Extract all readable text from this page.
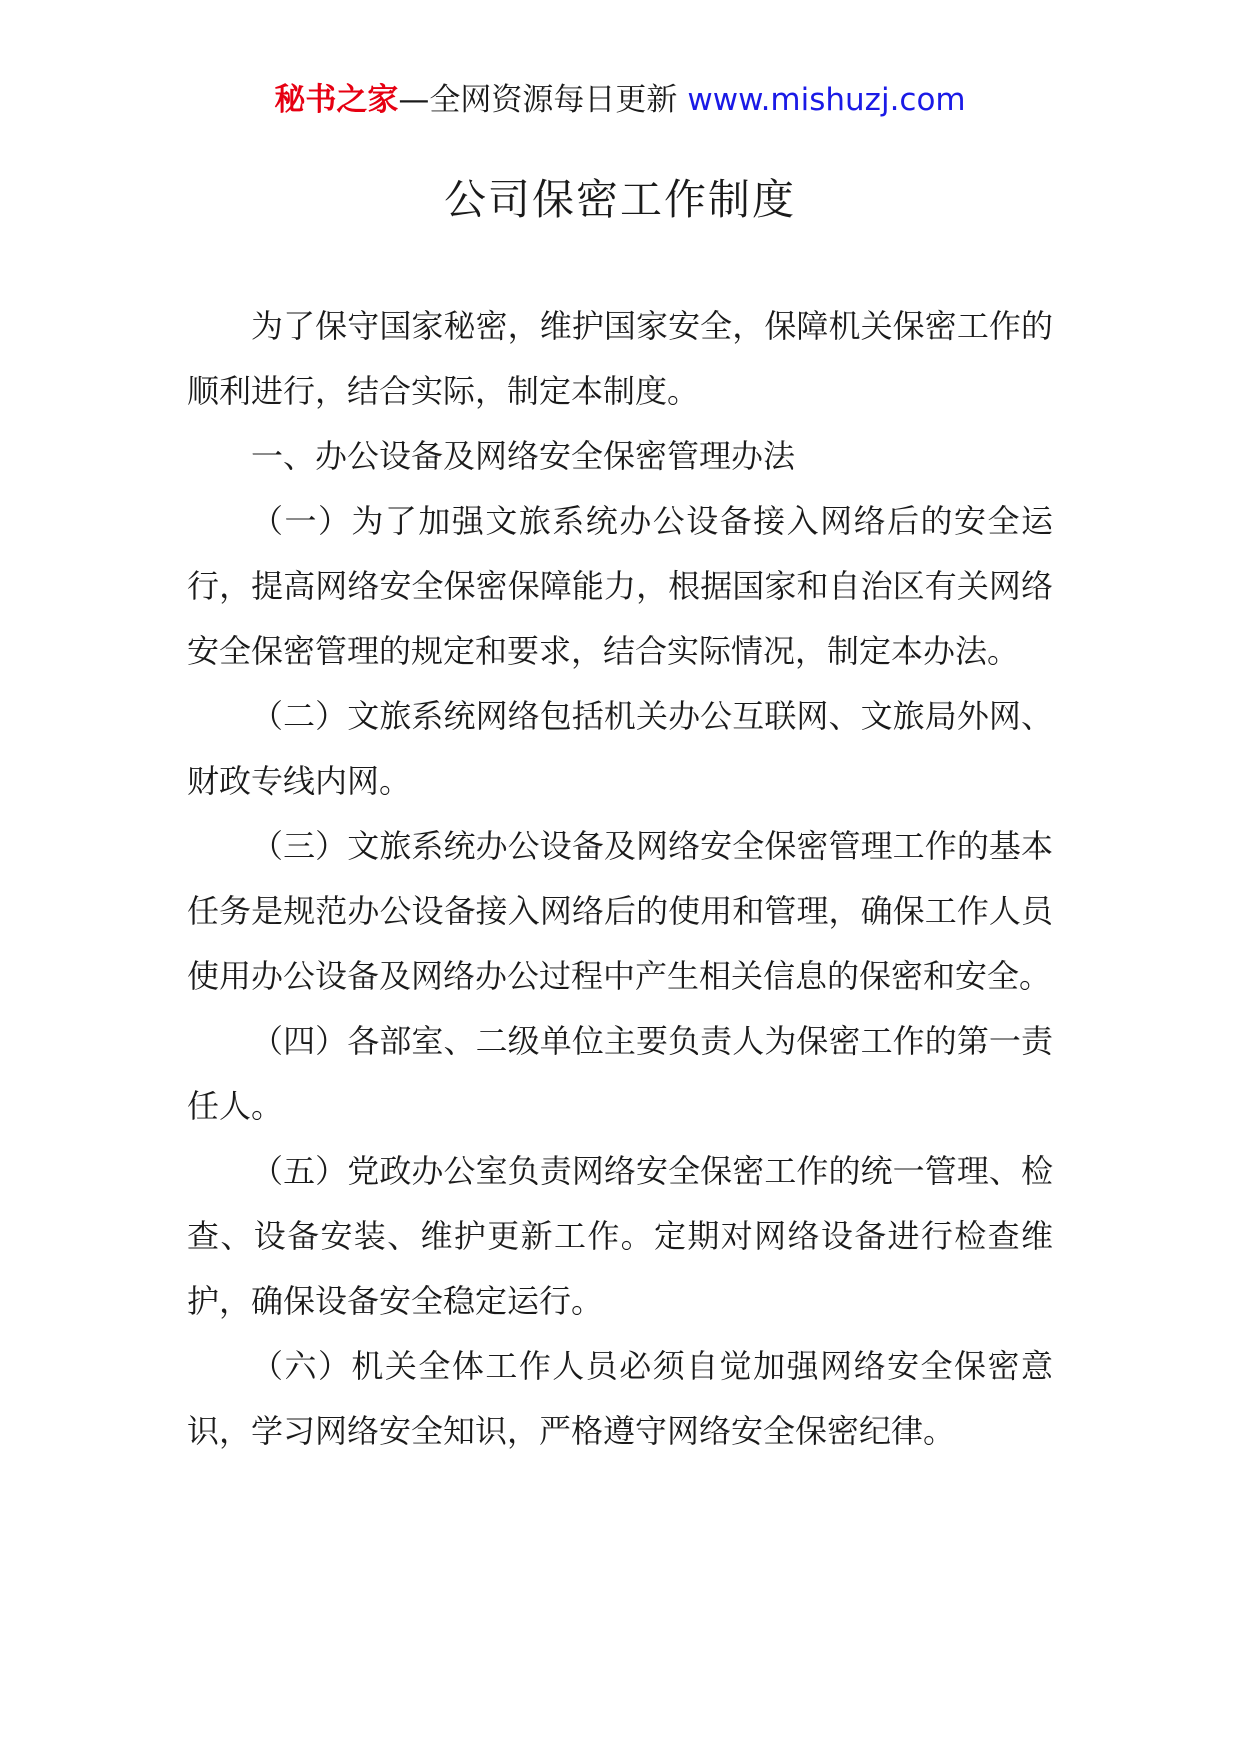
秘书之家—全网资源每日更新 www.mishuzj.com
公司保密工作制度

为了保守国家秘密，维护国家安全，保障机关保密工作的顺利进行，结合实际，制定本制度。

一、办公设备及网络安全保密管理办法

（一）为了加强文旅系统办公设备接入网络后的安全运行，提高网络安全保密保障能力，根据国家和自治区有关网络安全保密管理的规定和要求，结合实际情况，制定本办法。

（二）文旅系统网络包括机关办公互联网、文旅局外网、财政专线内网。

（三）文旅系统办公设备及网络安全保密管理工作的基本任务是规范办公设备接入网络后的使用和管理，确保工作人员使用办公设备及网络办公过程中产生相关信息的保密和安全。

（四）各部室、二级单位主要负责人为保密工作的第一责任人。

（五）党政办公室负责网络安全保密工作的统一管理、检查、设备安装、维护更新工作。定期对网络设备进行检查维护，确保设备安全稳定运行。

（六）机关全体工作人员必须自觉加强网络安全保密意识，学习网络安全知识，严格遵守网络安全保密纪律。
